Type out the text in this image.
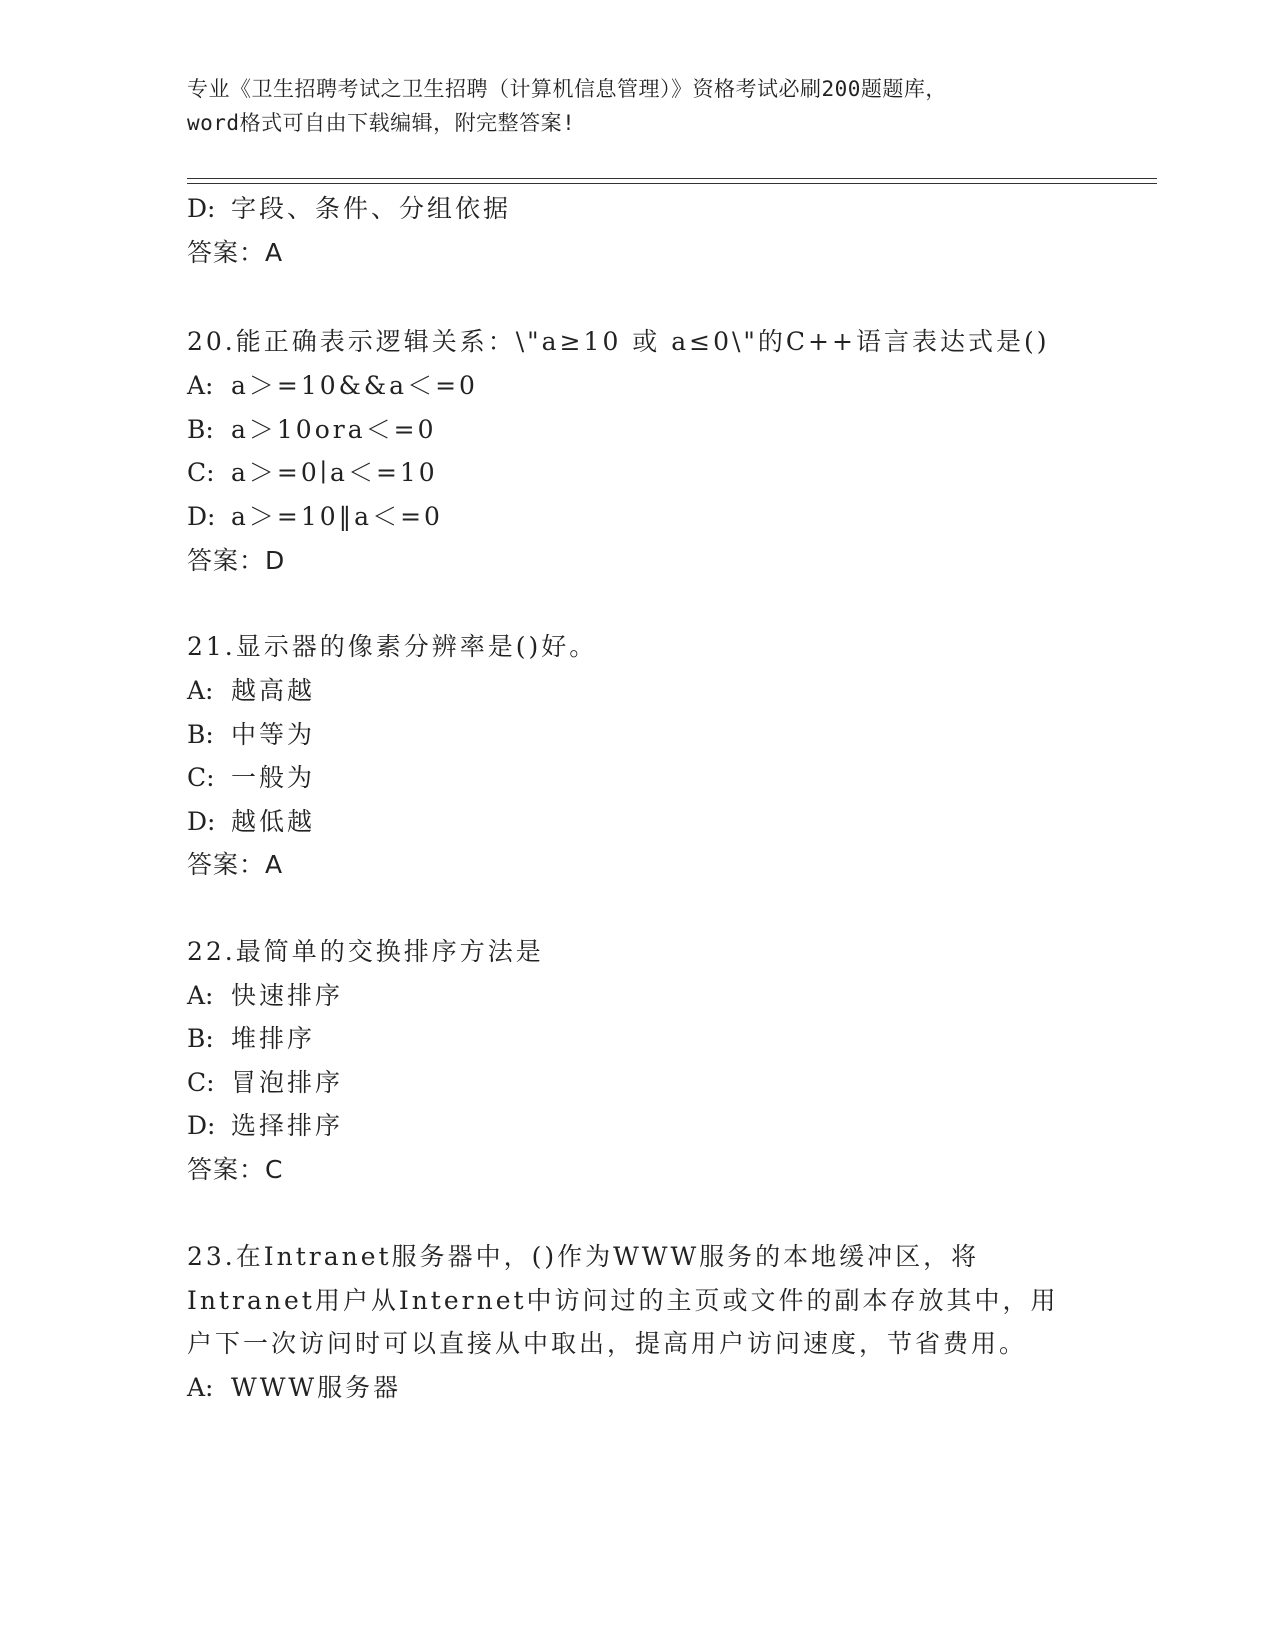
专业《卫生招聘考试之卫生招聘（计算机信息管理）》资格考试必刷200题题库，
word格式可自由下载编辑，附完整答案!
D: 字段、条件、分组依据
答案：A
20.能正确表示逻辑关系：\"a≥10 或 a≤0\"的C++语言表达式是()
A: a＞=10&&a＜=0
B: a＞10ora＜=0
C: a＞=0∣a＜=10
D: a＞=10‖a＜=0
答案：D
21.显示器的像素分辨率是()好。
A: 越高越
B: 中等为
C: 一般为
D: 越低越
答案：A
22.最简单的交换排序方法是
A: 快速排序
B: 堆排序
C: 冒泡排序
D: 选择排序
答案：C
23.在Intranet服务器中，()作为WWW服务的本地缓冲区，将
Intranet用户从Internet中访问过的主页或文件的副本存放其中，用
户下一次访问时可以直接从中取出，提高用户访问速度，节省费用。
A: WWW服务器
